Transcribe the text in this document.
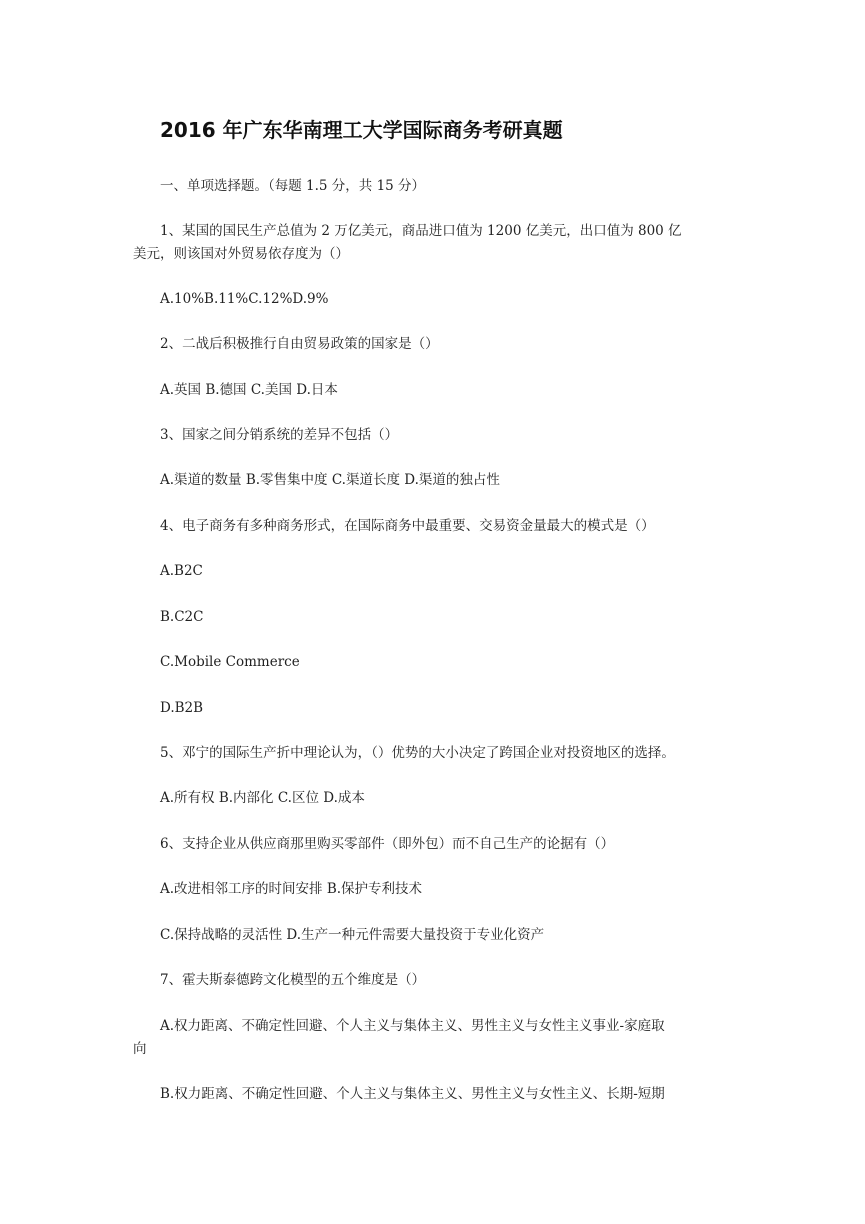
2016 年广东华南理工大学国际商务考研真题
一、单项选择题。（每题 1.5 分，共 15 分）
1、某国的国民生产总值为 2 万亿美元，商品进口值为 1200 亿美元，出口值为 800 亿
美元，则该国对外贸易依存度为（）
A.10%B.11%C.12%D.9%
2、二战后积极推行自由贸易政策的国家是（）
A.英国 B.德国 C.美国 D.日本
3、国家之间分销系统的差异不包括（）
A.渠道的数量 B.零售集中度 C.渠道长度 D.渠道的独占性
4、电子商务有多种商务形式，在国际商务中最重要、交易资金量最大的模式是（）
A.B2C
B.C2C
C.Mobile Commerce
D.B2B
5、邓宁的国际生产折中理论认为，（）优势的大小决定了跨国企业对投资地区的选择。
A.所有权 B.内部化 C.区位 D.成本
6、支持企业从供应商那里购买零部件（即外包）而不自己生产的论据有（）
A.改进相邻工序的时间安排 B.保护专利技术
C.保持战略的灵活性 D.生产一种元件需要大量投资于专业化资产
7、霍夫斯泰德跨文化模型的五个维度是（）
A.权力距离、不确定性回避、个人主义与集体主义、男性主义与女性主义事业-家庭取
向
B.权力距离、不确定性回避、个人主义与集体主义、男性主义与女性主义、长期-短期
